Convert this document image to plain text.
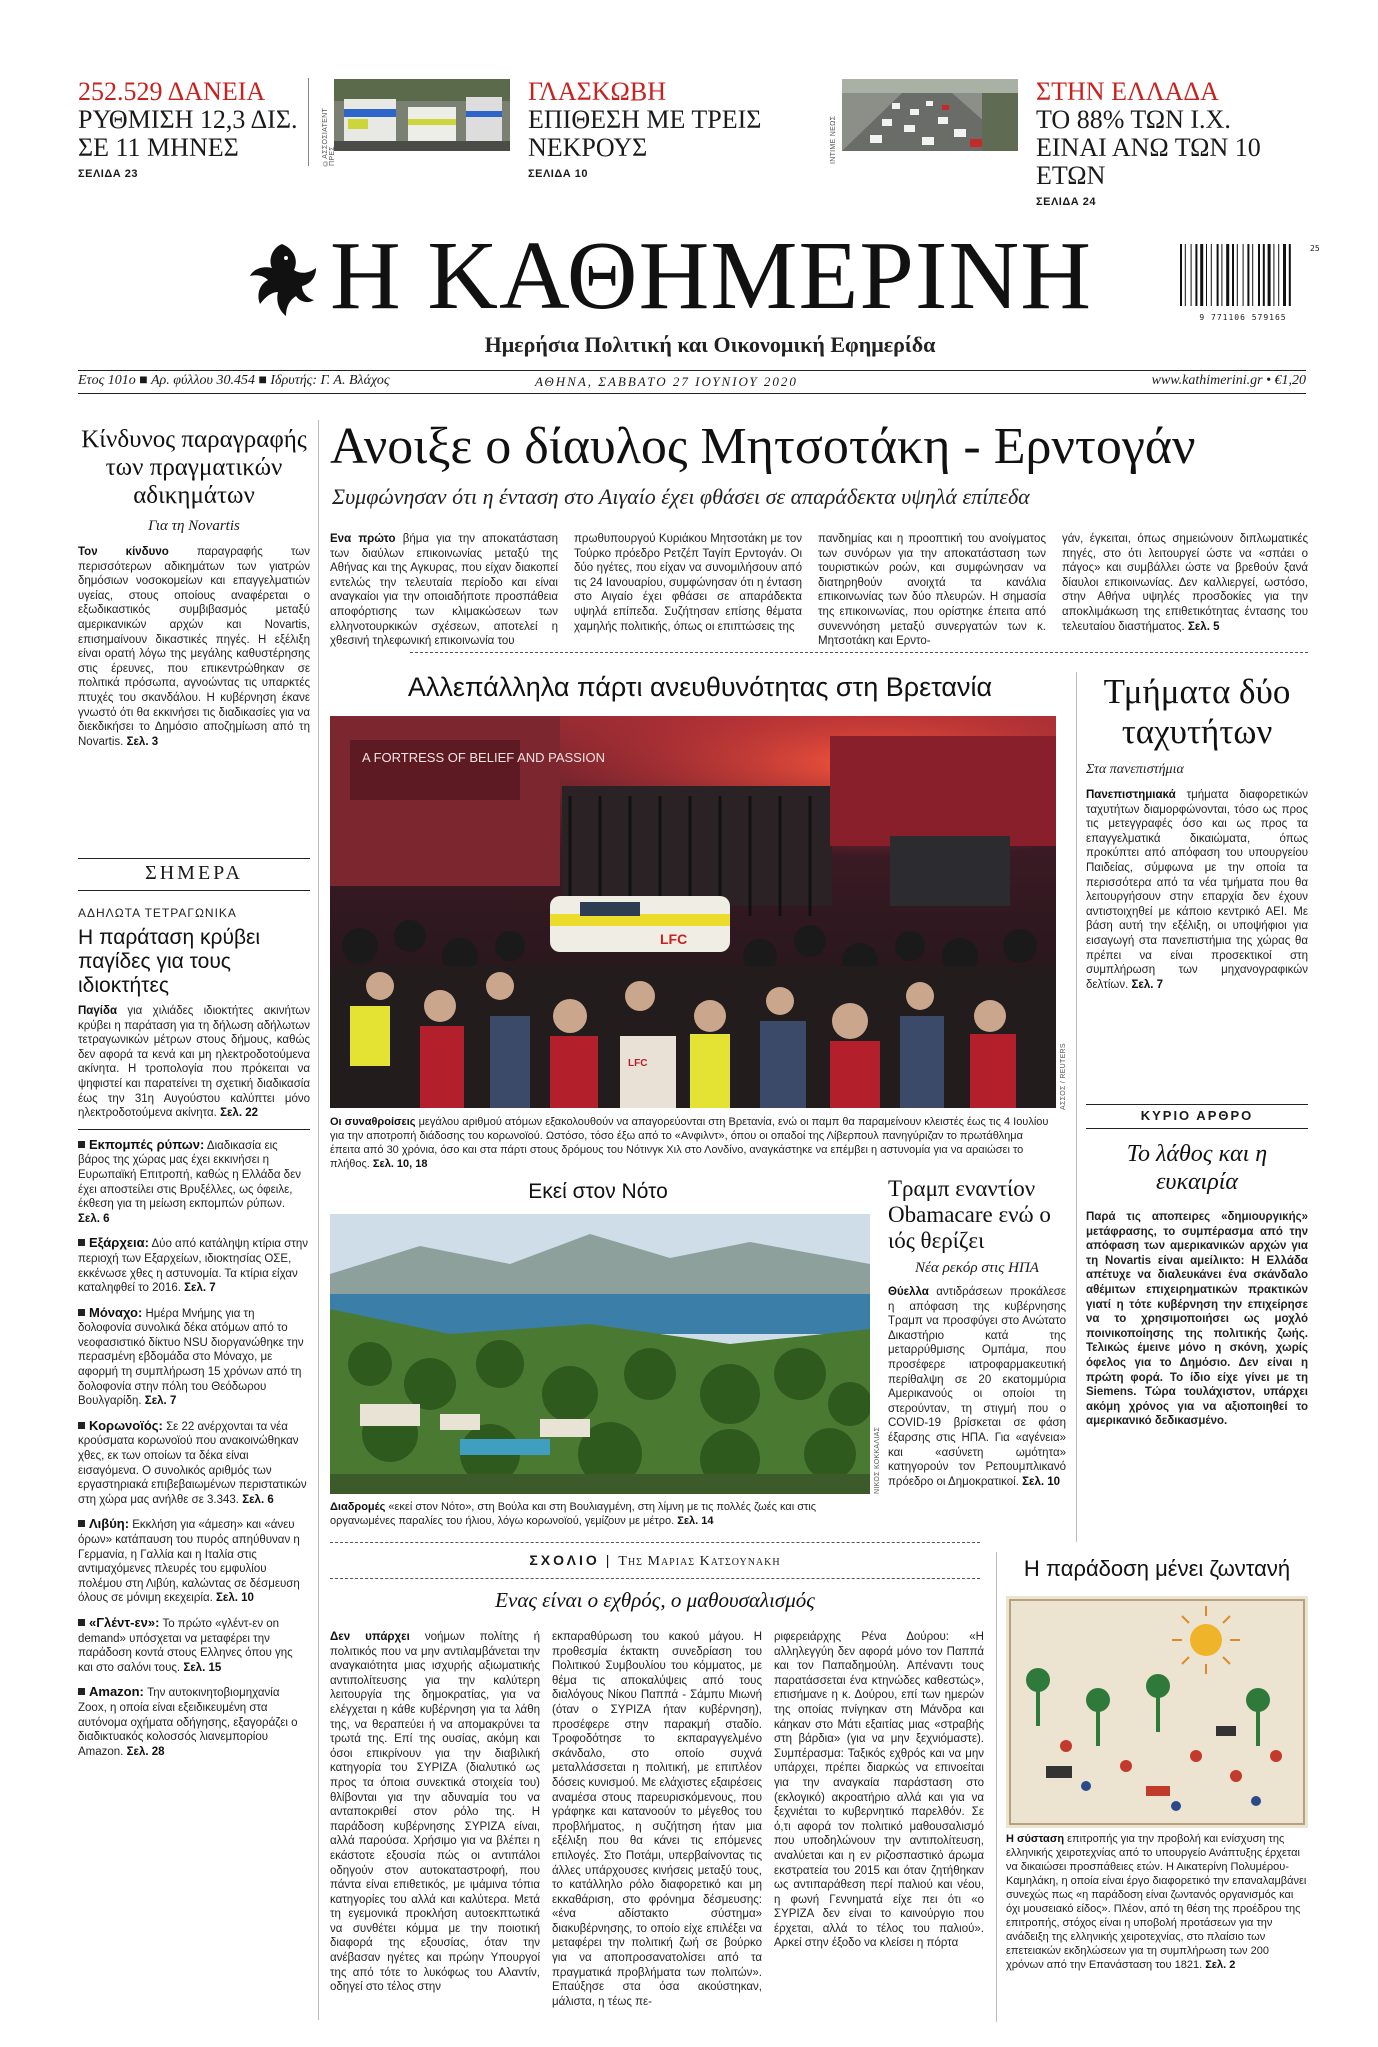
252.529 ΔΑΝΕΙΑ
ΡΥΘΜΙΣΗ 12,3 ΔΙΣ. ΣΕ 11 ΜΗΝΕΣ
ΣΕΛΙΔΑ 23
©ΑΣΣΟΣΙΑΤΕΝΤ ΠΡΕΣ
ΓΛΑΣΚΩΒΗ
ΕΠΙΘΕΣΗ ΜΕ ΤΡΕΙΣ ΝΕΚΡΟΥΣ
ΣΕΛΙΔΑ 10
ΙΝΤΙΜΕ ΝΕΩΣ
ΣΤΗΝ ΕΛΛΑΔΑ
ΤΟ 88% ΤΩΝ Ι.Χ. ΕΙΝΑΙ ΑΝΩ ΤΩΝ 10 ΕΤΩΝ
ΣΕΛΙΔΑ 24
Η ΚΑΘΗΜΕΡΙΝΗ
Ημερήσια Πολιτική και Οικονομική Εφημερίδα
9 771106 579165
25
Ετος 101ο ■ Αρ. φύλλου 30.454 ■ Ιδρυτής: Γ. Α. Βλάχος	ΑΘΗΝΑ, ΣΑΒΒΑΤΟ 27 ΙΟΥΝΙΟΥ 2020	www.kathimerini.gr • €1,20
Κίνδυνος παραγραφής των πραγματικών αδικημάτων
Για τη Novartis
Τον κίνδυνο παραγραφής των περισσότερων αδικημάτων των γιατρών δημόσιων νοσοκομείων και επαγγελματιών υγείας, στους οποίους αναφέρεται ο εξωδικαστικός συμβιβασμός μεταξύ αμερικανικών αρχών και Novartis, επισημαίνουν δικαστικές πηγές. Η εξέλιξη είναι ορατή λόγω της μεγάλης καθυστέρησης στις έρευνες, που επικεντρώθηκαν σε πολιτικά πρόσωπα, αγνοώντας τις υπαρκτές πτυχές του σκανδάλου. Η κυβέρνηση έκανε γνωστό ότι θα εκκινήσει τις διαδικασίες για να διεκδικήσει το Δημόσιο αποζημίωση από τη Novartis. Σελ. 3
ΣΗΜΕΡΑ
ΑΔΗΛΩΤΑ ΤΕΤΡΑΓΩΝΙΚΑ
Η παράταση κρύβει παγίδες για τους ιδιοκτήτες
Παγίδα για χιλιάδες ιδιοκτήτες ακινήτων κρύβει η παράταση για τη δήλωση αδήλωτων τετραγωνικών μέτρων στους δήμους, καθώς δεν αφορά τα κενά και μη ηλεκτροδοτούμενα ακίνητα. Η τροπολογία που πρόκειται να ψηφιστεί και παρατείνει τη σχετική διαδικασία έως την 31η Αυγούστου καλύπτει μόνο ηλεκτροδοτούμενα ακίνητα. Σελ. 22
Εκπομπές ρύπων: Διαδικασία εις βάρος της χώρας μας έχει εκκινήσει η Ευρωπαϊκή Επιτροπή, καθώς η Ελλάδα δεν έχει αποστείλει στις Βρυξέλλες, ως όφειλε, έκθεση για τη μείωση εκπομπών ρύπων. Σελ. 6
Εξάρχεια: Δύο από κατάληψη κτίρια στην περιοχή των Εξαρχείων, ιδιοκτησίας ΟΣΕ, εκκένωσε χθες η αστυνομία. Τα κτίρια είχαν καταληφθεί το 2016. Σελ. 7
Μόναχο: Ημέρα Μνήμης για τη δολοφονία συνολικά δέκα ατόμων από το νεοφασιστικό δίκτυο NSU διοργανώθηκε την περασμένη εβδομάδα στο Μόναχο, με αφορμή τη συμπλήρωση 15 χρόνων από τη δολοφονία στην πόλη του Θεόδωρου Βουλγαρίδη. Σελ. 7
Κορωνοϊός: Σε 22 ανέρχονται τα νέα κρούσματα κορωνοϊού που ανακοινώθηκαν χθες, εκ των οποίων τα δέκα είναι εισαγόμενα. Ο συνολικός αριθμός των εργαστηριακά επιβεβαιωμένων περιστατικών στη χώρα μας ανήλθε σε 3.343. Σελ. 6
Λιβύη: Εκκλήση για «άμεση» και «άνευ όρων» κατάπαυση του πυρός απηύθυναν η Γερμανία, η Γαλλία και η Ιταλία στις αντιμαχόμενες πλευρές του εμφυλίου πολέμου στη Λιβύη, καλώντας σε δέσμευση όλους σε μόνιμη εκεχειρία. Σελ. 10
«Γλέντ-εν»: Το πρώτο «γλέντ-εν on demand» υπόσχεται να μεταφέρει την παράδοση κοντά στους Ελληνες όπου γης και στο σαλόνι τους. Σελ. 15
Amazon: Την αυτοκινητοβιομηχανία Zoox, η οποία είναι εξειδικευμένη στα αυτόνομα οχήματα οδήγησης, εξαγοράζει ο διαδικτυακός κολοσσός λιανεμπορίου Amazon. Σελ. 28
Ανοιξε ο δίαυλος Μητσοτάκη - Ερντογάν
Συμφώνησαν ότι η ένταση στο Αιγαίο έχει φθάσει σε απαράδεκτα υψηλά επίπεδα
Ενα πρώτο βήμα για την αποκατάσταση των διαύλων επικοινωνίας μεταξύ της Αθήνας και της Αγκυρας, που είχαν διακοπεί εντελώς την τελευταία περίοδο και είναι αναγκαίοι για την οποιαδήποτε προσπάθεια αποφόρτισης των κλιμακώσεων των ελληνοτουρκικών σχέσεων, αποτελεί η χθεσινή τηλεφωνική επικοινωνία του
πρωθυπουργού Κυριάκου Μητσοτάκη με τον Τούρκο πρόεδρο Ρετζέπ Ταγίπ Ερντογάν. Οι δύο ηγέτες, που είχαν να συνομιλήσουν από τις 24 Ιανουαρίου, συμφώνησαν ότι η ένταση στο Αιγαίο έχει φθάσει σε απαράδεκτα υψηλά επίπεδα. Συζήτησαν επίσης θέματα χαμηλής πολιτικής, όπως οι επιπτώσεις της
πανδημίας και η προοπτική του ανοίγματος των συνόρων για την αποκατάσταση των τουριστικών ροών, και συμφώνησαν να διατηρηθούν ανοιχτά τα κανάλια επικοινωνίας των δύο πλευρών. Η σημασία της επικοινωνίας, που ορίστηκε έπειτα από συνεννόηση μεταξύ συνεργατών των κ. Μητσοτάκη και Ερντο-
γάν, έγκειται, όπως σημειώνουν διπλωματικές πηγές, στο ότι λειτουργεί ώστε να «σπάει ο πάγος» και συμβάλλει ώστε να βρεθούν ξανά δίαυλοι επικοινωνίας. Δεν καλλιεργεί, ωστόσο, στην Αθήνα υψηλές προσδοκίες για την αποκλιμάκωση της επιθετικότητας έντασης του τελευταίου διαστήματος. Σελ. 5
Αλλεπάλληλα πάρτι ανευθυνότητας στη Βρετανία
A FORTRESS OF BELIEF AND PASSION
LFC
LFC	ΑΣΣΟΣ / REUTERS
Οι συναθροίσεις μεγάλου αριθμού ατόμων εξακολουθούν να απαγορεύονται στη Βρετανία, ενώ οι παμπ θα παραμείνουν κλειστές έως τις 4 Ιουλίου για την αποτροπή διάδοσης του κορωνοϊού. Ωστόσο, τόσο έξω από το «Ανφιλντ», όπου οι οπαδοί της Λίβερπουλ πανηγύριζαν το πρωτάθλημα έπειτα από 30 χρόνια, όσο και στα πάρτι στους δρόμους του Νότινγκ Χιλ στο Λονδίνο, αναγκάστηκε να επέμβει η αστυνομία για να αραιώσει το πλήθος. Σελ. 10, 18
Τμήματα δύο ταχυτήτων
Στα πανεπιστήμια
Πανεπιστημιακά τμήματα διαφορετικών ταχυτήτων διαμορφώνονται, τόσο ως προς τις μετεγγραφές όσο και ως προς τα επαγγελματικά δικαιώματα, όπως προκύπτει από απόφαση του υπουργείου Παιδείας, σύμφωνα με την οποία τα περισσότερα από τα νέα τμήματα που θα λειτουργήσουν στην επαρχία δεν έχουν αντιστοιχηθεί με κάποιο κεντρικό ΑΕΙ. Με βάση αυτή την εξέλιξη, οι υποψήφιοι για εισαγωγή στα πανεπιστήμια της χώρας θα πρέπει να είναι προσεκτικοί στη συμπλήρωση των μηχανογραφικών δελτίων. Σελ. 7
ΚΥΡΙΟ ΑΡΘΡΟ
Το λάθος και η ευκαιρία
Παρά τις αποπειρες «δημιουργικής» μετάφρασης, το συμπέρασμα από την απόφαση των αμερικανικών αρχών για τη Novartis είναι αμείλικτο: Η Ελλάδα απέτυχε να διαλευκάνει ένα σκάνδαλο αθέμιτων επιχειρηματικών πρακτικών γιατί η τότε κυβέρνηση την επιχείρησε να το χρησιμοποιήσει ως μοχλό ποινικοποίησης της πολιτικής ζωής. Τελικώς έμεινε μόνο η σκόνη, χωρίς όφελος για το Δημόσιο. Δεν είναι η πρώτη φορά. Το ίδιο είχε γίνει με τη Siemens. Τώρα τουλάχιστον, υπάρχει ακόμη χρόνος για να αξιοποιηθεί το αμερικανικό δεδικασμένο.
Εκεί στον Νότο
ΝΙΚΟΣ ΚΟΚΚΑΛΙΑΣ
Διαδρομές «εκεί στον Νότο», στη Βούλα και στη Βουλιαγμένη, στη λίμνη με τις πολλές ζωές και στις οργανωμένες παραλίες του ήλιου, λόγω κορωνοϊού, γεμίζουν με μέτρο. Σελ. 14
Τραμπ εναντίον Obamacare ενώ ο ιός θερίζει
Νέα ρεκόρ στις ΗΠΑ
Θύελλα αντιδράσεων προκάλεσε η απόφαση της κυβέρνησης Τραμπ να προσφύγει στο Ανώτατο Δικαστήριο κατά της μεταρρύθμισης Ομπάμα, που προσέφερε ιατροφαρμακευτική περίθαλψη σε 20 εκατομμύρια Αμερικανούς οι οποίοι τη στερούνταν, τη στιγμή που ο COVID-19 βρίσκεται σε φάση έξαρσης στις ΗΠΑ. Για «αγένεια» και «ασύνετη ωμότητα» κατηγορούν τον Ρεπουμπλικανό πρόεδρο οι Δημοκρατικοί. Σελ. 10
ΣΧΟΛΙΟ | Της Μαριας Κατσουνακη
Ενας είναι ο εχθρός, ο μαθουσαλισμός
Δεν υπάρχει νοήμων πολίτης ή πολιτικός που να μην αντιλαμβάνεται την αναγκαιότητα μιας ισχυρής αξιωματικής αντιπολίτευσης για την καλύτερη λειτουργία της δημοκρατίας, για να ελέγχεται η κάθε κυβέρνηση για τα λάθη της, να θεραπεύει ή να απομακρύνει τα τρωτά της. Επί της ουσίας, ακόμη και όσοι επικρίνουν για την διαβιλική κατηγορία του ΣΥΡΙΖΑ (διαλυτικό ως προς τα όποια συνεκτικά στοιχεία του) θλίβονται για την αδυναμία του να ανταποκριθεί στον ρόλο της. Η παράδοση κυβέρνησης ΣΥΡΙΖΑ είναι, αλλά παρούσα. Χρήσιμο για να βλέπει η εκάστοτε εξουσία πώς οι αντιπάλοι οδηγούν στον αυτοκαταστροφή, που πάντα είναι επιθετικός, με ιμάμινα τόπια κατηγορίες του αλλά και καλύτερα. Μετά τη εγεμονικά προκλήση αυτοεκπτωτικά να συνθέτει κόμμα με την ποιοτική διαφορά της εξουσίας, όταν την ανέβασαν ηγέτες και πρώην Υπουργοί της από τότε το λυκόφως του Αλαντίν, οδηγεί στο τέλος στην
εκπαραθύρωση του κακού μάγου. Η προθεσμία έκτακτη συνεδρίαση του Πολιτικού Συμβουλίου του κόμματος, με θέμα τις αποκαλύψεις από τους διαλόγους Νίκου Παππά - Σάμπυ Μιωνή (όταν ο ΣΥΡΙΖΑ ήταν κυβέρνηση), προσέφερε στην παρακμή σταδίο. Τροφοδότησε το εκπαραγγελμένο σκάνδαλο, στο οποίο συχνά μεταλλάσσεται η πολιτική, με επιπλέον δόσεις κυνισμού. Με ελάχιστες εξαιρέσεις αναμέσα στους παρευρισκόμενους, που γράφηκε και κατανοούν το μέγεθος του προβλήματος, η συζήτηση ήταν μια εξέλιξη που θα κάνει τις επόμενες επιλογές. Στο Ποτάμι, υπερβαίνοντας τις άλλες υπάρχουσες κινήσεις μεταξύ τους, το κατάλληλο ρόλο διαφορετικό και μη εκκαθάριση, στο φρόνημα δέσμευσης: «ένα αδίστακτο σύστημα» διακυβέρνησης, το οποίο είχε επιλέξει να μεταφέρει την πολιτική ζωή σε βούρκο για να αποπροσανατολίσει από τα πραγματικά προβλήματα των πολιτών». Επαύξησε στα όσα ακούστηκαν, μάλιστα, η τέως πε-
ριφερειάρχης Ρένα Δούρου: «Η αλληλεγγύη δεν αφορά μόνο τον Παππά και τον Παπαδημούλη. Απέναντι τους παρατάσσεται ένα κτηνώδες καθεστώς», επισήμανε η κ. Δούρου, επί των ημερών της οποίας πνίγηκαν στη Μάνδρα και κάηκαν στο Μάτι εξαιτίας μιας «στραβής στη βάρδια» (για να μην ξεχνιόμαστε). Συμπέρασμα: Ταξικός εχθρός και να μην υπάρχει, πρέπει διαρκώς να επινοείται για την αναγκαία παράσταση στο (εκλογικό) ακροατήριο αλλά και για να ξεχνιέται το κυβερνητικό παρελθόν. Σε ό,τι αφορά τον πολιτικό μαθουσαλισμό που υποδηλώνουν την αντιπολίτευση, αναλύεται και η εν ριζοσπαστικό άρωμα εκστρατεία του 2015 και όταν ζητήθηκαν ως αντιπαράθεση περί παλιού και νέου, η φωνή Γεννηματά είχε πει ότι «ο ΣΥΡΙΖΑ δεν είναι το καινούργιο που έρχεται, αλλά το τέλος του παλιού». Αρκεί στην έξοδο να κλείσει η πόρτα
Η παράδοση μένει ζωντανή
Η σύσταση επιτροπής για την προβολή και ενίσχυση της ελληνικής χειροτεχνίας από το υπουργείο Ανάπτυξης έρχεται να δικαιώσει προσπάθειες ετών. Η Αικατερίνη Πολυμέρου-Καμηλάκη, η οποία είναι έργο διαφορετικό την επαναλαμβάνει συνεχώς πως «η παράδοση είναι ζωντανός οργανισμός και όχι μουσειακό είδος». Πλέον, από τη θέση της προέδρου της επιτροπής, στόχος είναι η υποβολή προτάσεων για την ανάδειξη της ελληνικής χειροτεχνίας, στο πλαίσιο των επετειακών εκδηλώσεων για τη συμπλήρωση των 200 χρόνων από την Επανάσταση του 1821. Σελ. 2
